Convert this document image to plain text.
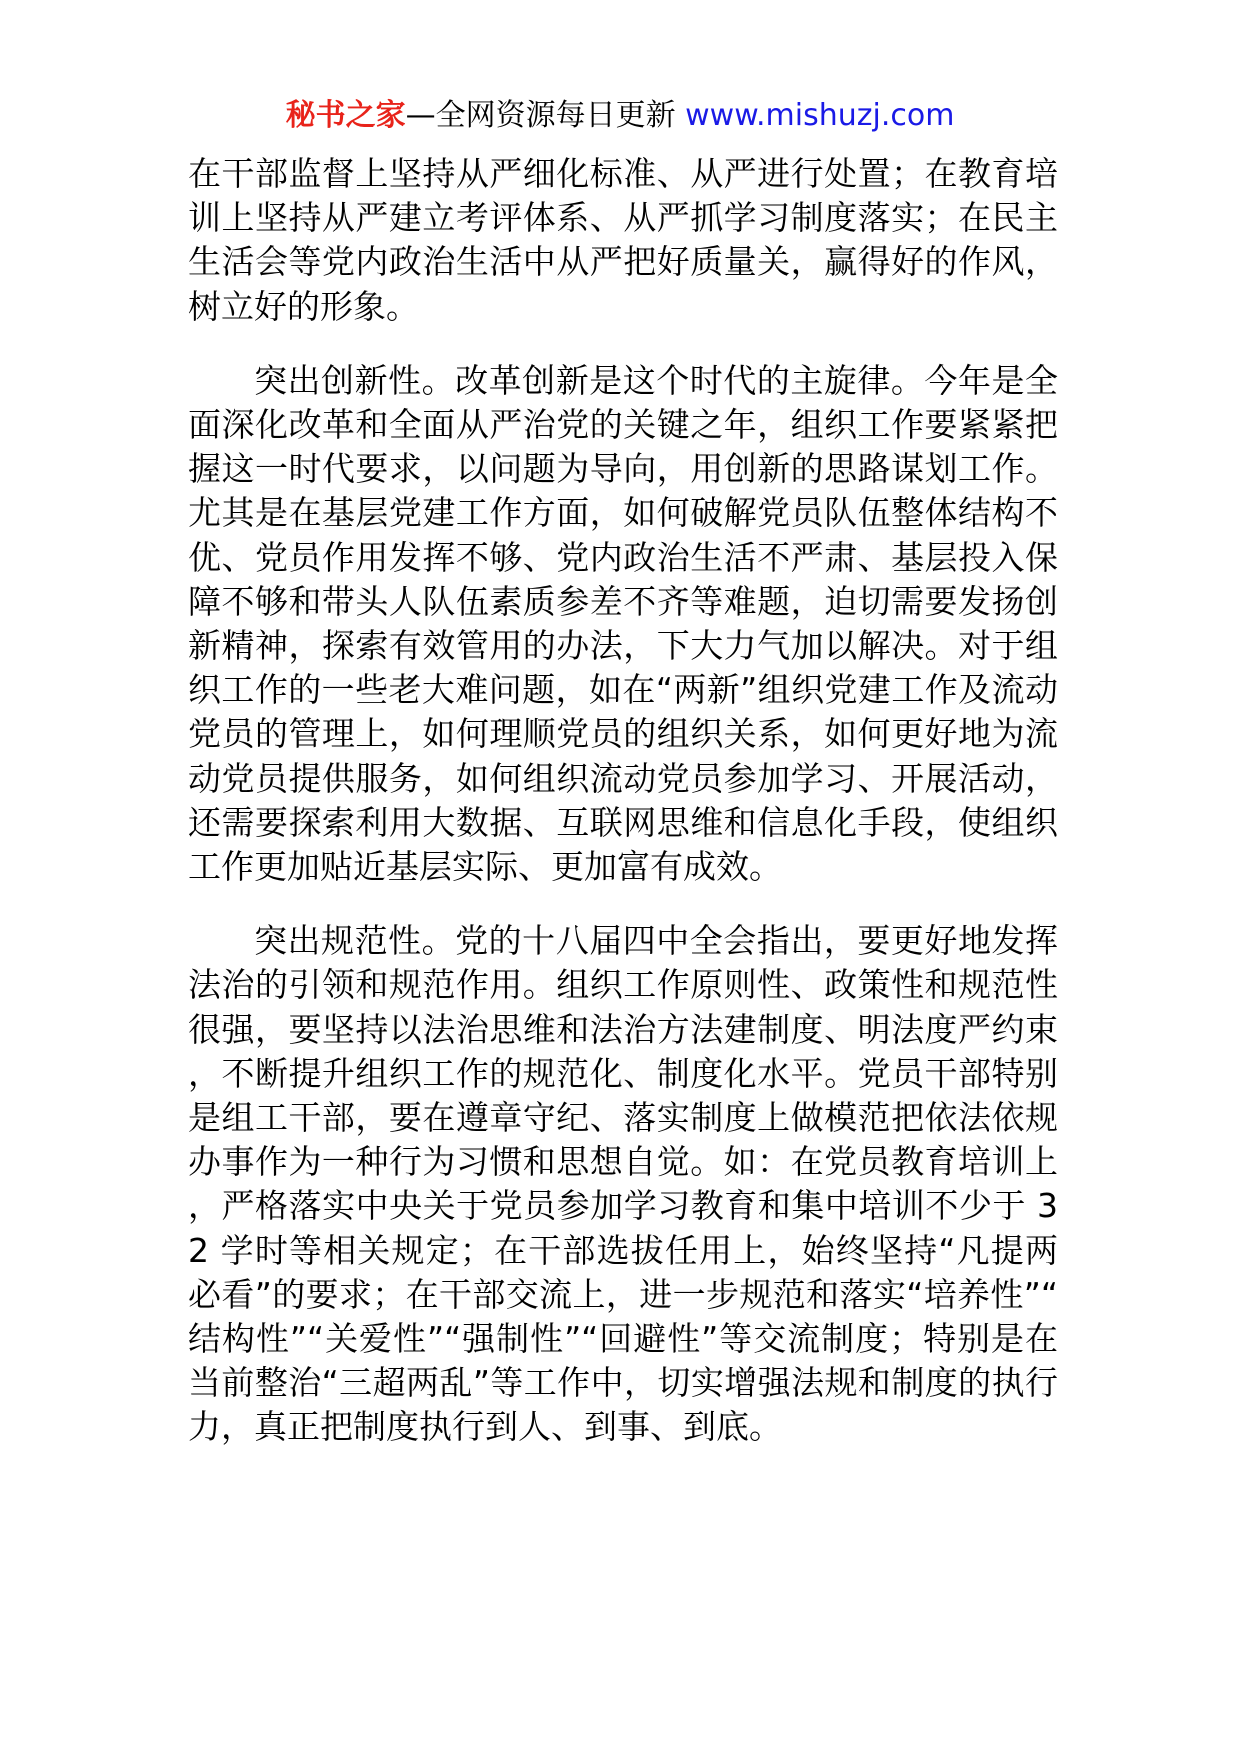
秘书之家—全网资源每日更新 www.mishuzj.com

在干部监督上坚持从严细化标准、从严进行处置；在教育培训上坚持从严建立考评体系、从严抓学习制度落实；在民主生活会等党内政治生活中从严把好质量关，赢得好的作风，树立好的形象。

突出创新性。改革创新是这个时代的主旋律。今年是全面深化改革和全面从严治党的关键之年，组织工作要紧紧把握这一时代要求，以问题为导向，用创新的思路谋划工作。尤其是在基层党建工作方面，如何破解党员队伍整体结构不优、党员作用发挥不够、党内政治生活不严肃、基层投入保障不够和带头人队伍素质参差不齐等难题，迫切需要发扬创新精神，探索有效管用的办法，下大力气加以解决。对于组织工作的一些老大难问题，如在“两新”组织党建工作及流动党员的管理上，如何理顺党员的组织关系，如何更好地为流动党员提供服务，如何组织流动党员参加学习、开展活动，还需要探索利用大数据、互联网思维和信息化手段，使组织工作更加贴近基层实际、更加富有成效。

突出规范性。党的十八届四中全会指出，要更好地发挥法治的引领和规范作用。组织工作原则性、政策性和规范性很强，要坚持以法治思维和法治方法建制度、明法度严约束，不断提升组织工作的规范化、制度化水平。党员干部特别是组工干部，要在遵章守纪、落实制度上做模范把依法依规办事作为一种行为习惯和思想自觉。如：在党员教育培训上，严格落实中央关于党员参加学习教育和集中培训不少于 32 学时等相关规定；在干部选拔任用上，始终坚持“凡提两必看”的要求；在干部交流上，进一步规范和落实“培养性”“结构性”“关爱性”“强制性”“回避性”等交流制度；特别是在当前整治“三超两乱”等工作中，切实增强法规和制度的执行力，真正把制度执行到人、到事、到底。
